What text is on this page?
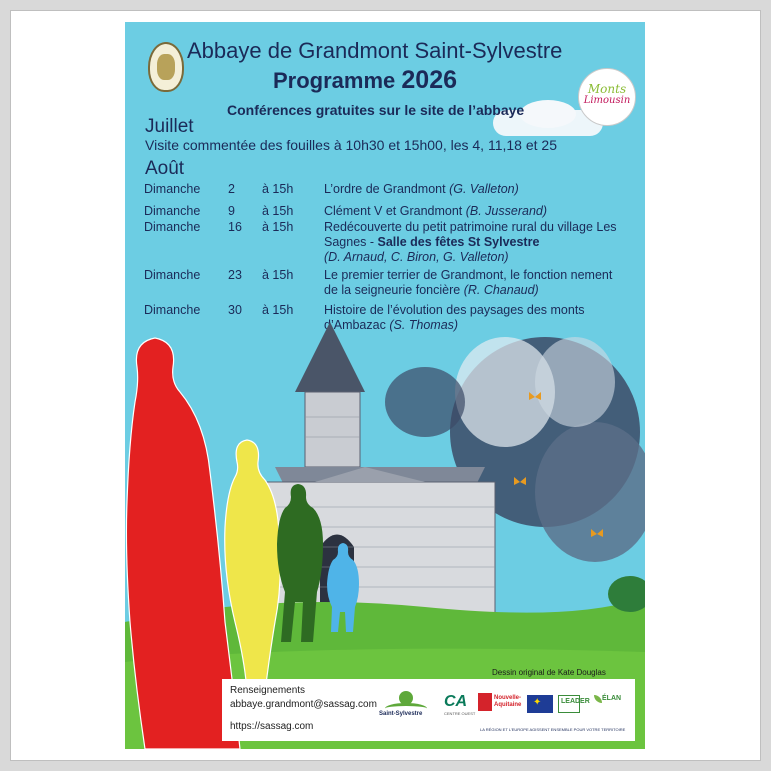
Abbaye de Grandmont Saint-Sylvestre
Programme 2026
Conférences gratuites sur le site de l’abbaye
Monts
Limousin
Juillet
Visite commentée des fouilles à 10h30 et 15h00, les 4, 11,18 et 25
Août
Dimanche 2 à 15h L’ordre de Grandmont (G. Valleton)
Dimanche 9 à 15h Clément V et Grandmont (B. Jusserand)
Dimanche 16 à 15h Redécouverte du petit patrimoine rural du village Les Sagnes - Salle des fêtes St Sylvestre
(D. Arnaud, C. Biron, G. Valleton)
Dimanche 23 à 15h Le premier terrier de Grandmont, le fonction nement de la seigneurie foncière (R. Chanaud)
Dimanche 30 à 15h Histoire de l’évolution des paysages des monts d’Ambazac (S. Thomas)
Dessin original de Kate Douglas
Renseignements
abbaye.grandmont@sassag.com
https://sassag.com
Saint-Sylvestre
CA
CENTRE OUEST
Nouvelle-Aquitaine ✦	LEADER ÉLAN
LA RÉGION ET L’EUROPE AGISSENT ENSEMBLE POUR VOTRE TERRITOIRE
